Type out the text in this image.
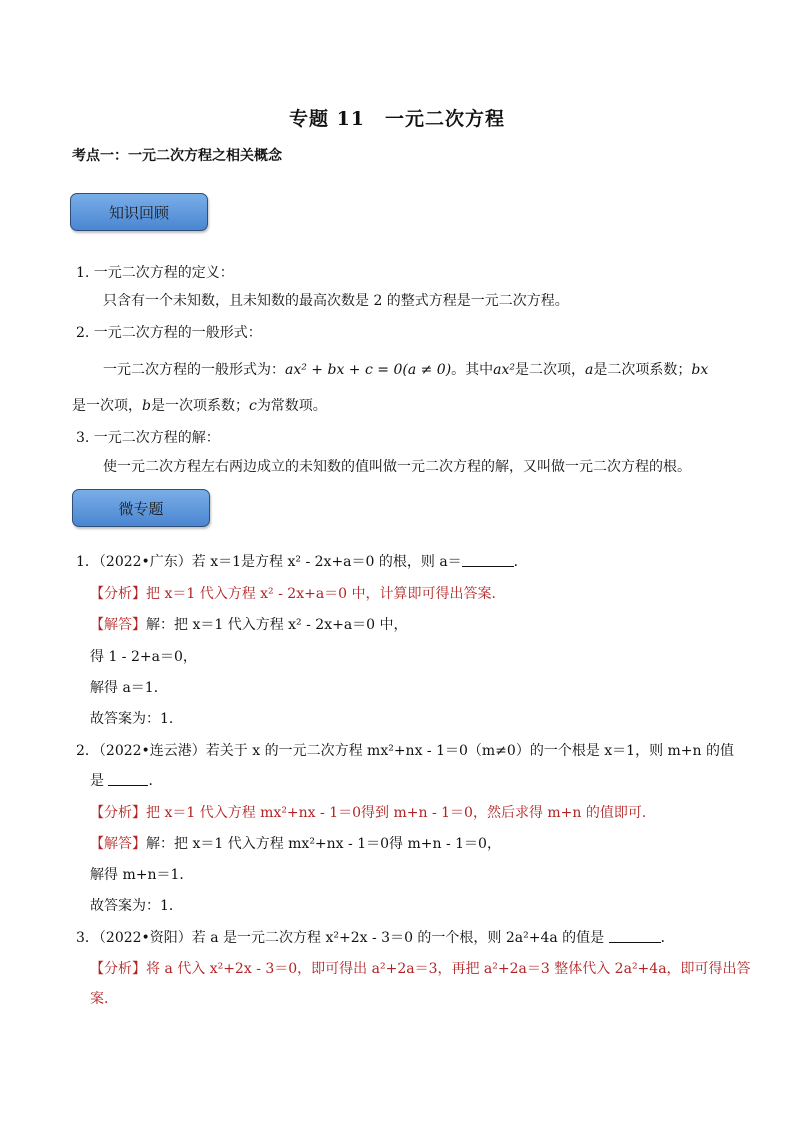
专题 11　一元二次方程
考点一：一元二次方程之相关概念
知识回顾
1. 一元二次方程的定义：
只含有一个未知数，且未知数的最高次数是 2 的整式方程是一元二次方程。
2. 一元二次方程的一般形式：
一元二次方程的一般形式为：ax² + bx + c = 0(a ≠ 0)。其中ax²是二次项，a是二次项系数；bx
是一次项，b是一次项系数；c为常数项。
3. 一元二次方程的解：
使一元二次方程左右两边成立的未知数的值叫做一元二次方程的解，又叫做一元二次方程的根。
微专题
1．（2022•广东）若 x＝1是方程 x² - 2x+a＝0 的根，则 a＝	．
【分析】把 x＝1 代入方程 x² - 2x+a＝0 中，计算即可得出答案．
【解答】解：把 x＝1 代入方程 x² - 2x+a＝0 中，
得 1 - 2+a＝0，
解得 a＝1．
故答案为：1．
2．（2022•连云港）若关于 x 的一元二次方程 mx²+nx - 1＝0（m≠0）的一个根是 x＝1，则 m+n 的值
是	．
【分析】把 x＝1 代入方程 mx²+nx - 1＝0得到 m+n - 1＝0，然后求得 m+n 的值即可．
【解答】解：把 x＝1 代入方程 mx²+nx - 1＝0得 m+n - 1＝0，
解得 m+n＝1．
故答案为：1．
3．（2022•资阳）若 a 是一元二次方程 x²+2x - 3＝0 的一个根，则 2a²+4a 的值是	．
【分析】将 a 代入 x²+2x - 3＝0，即可得出 a²+2a＝3，再把 a²+2a＝3 整体代入 2a²+4a，即可得出答
案．
